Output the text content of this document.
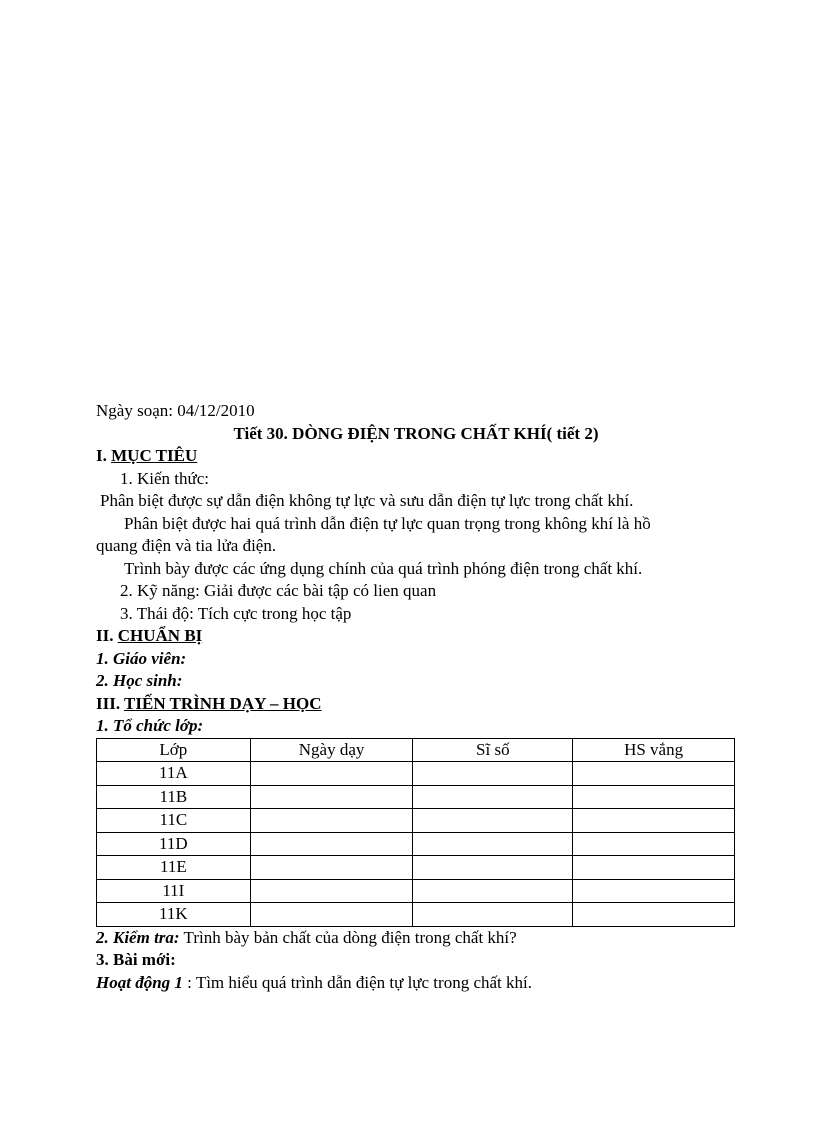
Ngày soạn: 04/12/2010
Tiết 30. DÒNG ĐIỆN TRONG CHẤT KHÍ( tiết 2)
I. MỤC TIÊU
1. Kiến thức:
Phân biệt được sự dẫn điện không tự lực và sưu dẫn điện tự lực trong chất khí.
Phân biệt được hai quá trình dẫn điện tự lực quan trọng trong không khí là hồ
quang điện và tia lửa điện.
Trình bày được các ứng dụng chính của quá trình phóng điện trong chất khí.
2. Kỹ năng: Giải được các bài tập có lien quan
3. Thái độ: Tích cực trong học tập
II. CHUẨN BỊ
1. Giáo viên:
2. Học sinh:
III. TIẾN TRÌNH DẠY – HỌC
1. Tổ chức lớp:
Lớp	Ngày dạy	Sĩ số	HS vắng
11A			
11B			
11C			
11D			
11E			
11I			
11K			
2. Kiểm tra: Trình bày bản chất của dòng điện trong chất khí?
3. Bài mới:
Hoạt động 1 : Tìm hiểu quá trình dẫn điện tự lực trong chất khí.
